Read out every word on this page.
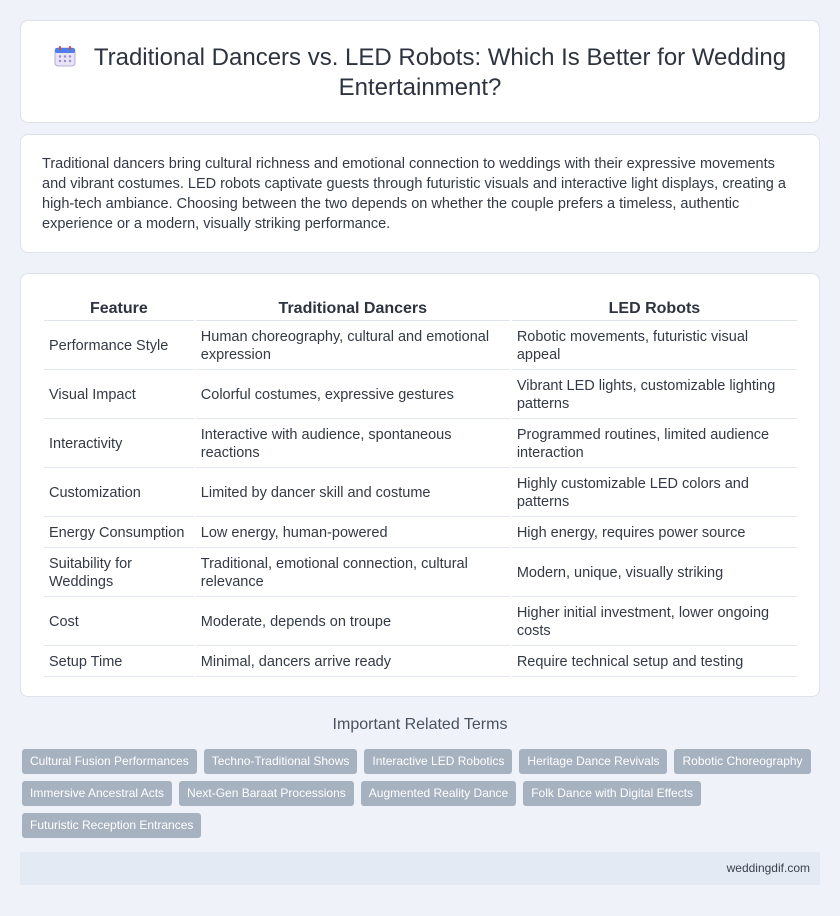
Traditional Dancers vs. LED Robots: Which Is Better for Wedding Entertainment?

Traditional dancers bring cultural richness and emotional connection to weddings with their expressive movements and vibrant costumes. LED robots captivate guests through futuristic visuals and interactive light displays, creating a high-tech ambiance. Choosing between the two depends on whether the couple prefers a timeless, authentic experience or a modern, visually striking performance.

Feature	Traditional Dancers	LED Robots
Performance Style	Human choreography, cultural and emotional expression	Robotic movements, futuristic visual appeal
Visual Impact	Colorful costumes, expressive gestures	Vibrant LED lights, customizable lighting patterns
Interactivity	Interactive with audience, spontaneous reactions	Programmed routines, limited audience interaction
Customization	Limited by dancer skill and costume	Highly customizable LED colors and patterns
Energy Consumption	Low energy, human-powered	High energy, requires power source
Suitability for Weddings	Traditional, emotional connection, cultural relevance	Modern, unique, visually striking
Cost	Moderate, depends on troupe	Higher initial investment, lower ongoing costs
Setup Time	Minimal, dancers arrive ready	Require technical setup and testing
Important Related Terms
Cultural Fusion Performances	Techno-Traditional Shows	Interactive LED Robotics	Heritage Dance Revivals	Robotic Choreography
Immersive Ancestral Acts	Next-Gen Baraat Processions	Augmented Reality Dance	Folk Dance with Digital Effects
Futuristic Reception Entrances
weddingdif.com
